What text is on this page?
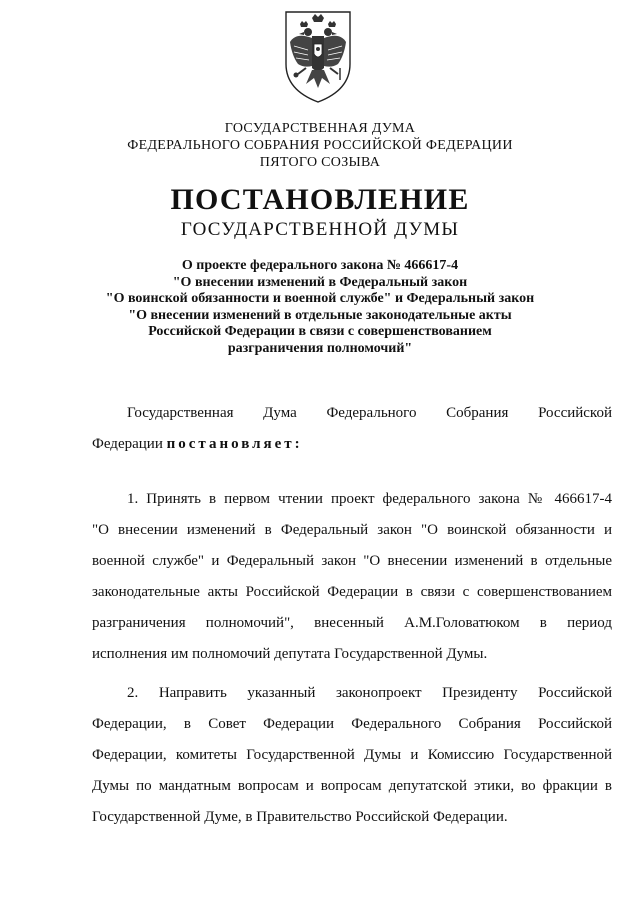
ГОСУДАРСТВЕННАЯ ДУМА
ФЕДЕРАЛЬНОГО СОБРАНИЯ РОССИЙСКОЙ ФЕДЕРАЦИИ
ПЯТОГО СОЗЫВА
ПОСТАНОВЛЕНИЕ
ГОСУДАРСТВЕННОЙ ДУМЫ
О проекте федерального закона № 466617-4
"О внесении изменений в Федеральный закон
"О воинской обязанности и военной службе" и Федеральный закон
"О внесении изменений в отдельные законодательные акты
Российской Федерации в связи с совершенствованием
разграничения полномочий"
Государственная Дума Федерального Собрания Российской
Федерации постановляет:
1. Принять в первом чтении проект федерального закона № 466617-4
"О внесении изменений в Федеральный закон "О воинской обязанности и
военной службе" и Федеральный закон "О внесении изменений в отдельные
законодательные акты Российской Федерации в связи с совершенствованием
разграничения полномочий", внесенный А.М.Головатюком в период
исполнения им полномочий депутата Государственной Думы.
2. Направить указанный законопроект Президенту Российской
Федерации, в Совет Федерации Федерального Собрания Российской
Федерации, комитеты Государственной Думы и Комиссию Государственной
Думы по мандатным вопросам и вопросам депутатской этики, во фракции в
Государственной Думе, в Правительство Российской Федерации.
